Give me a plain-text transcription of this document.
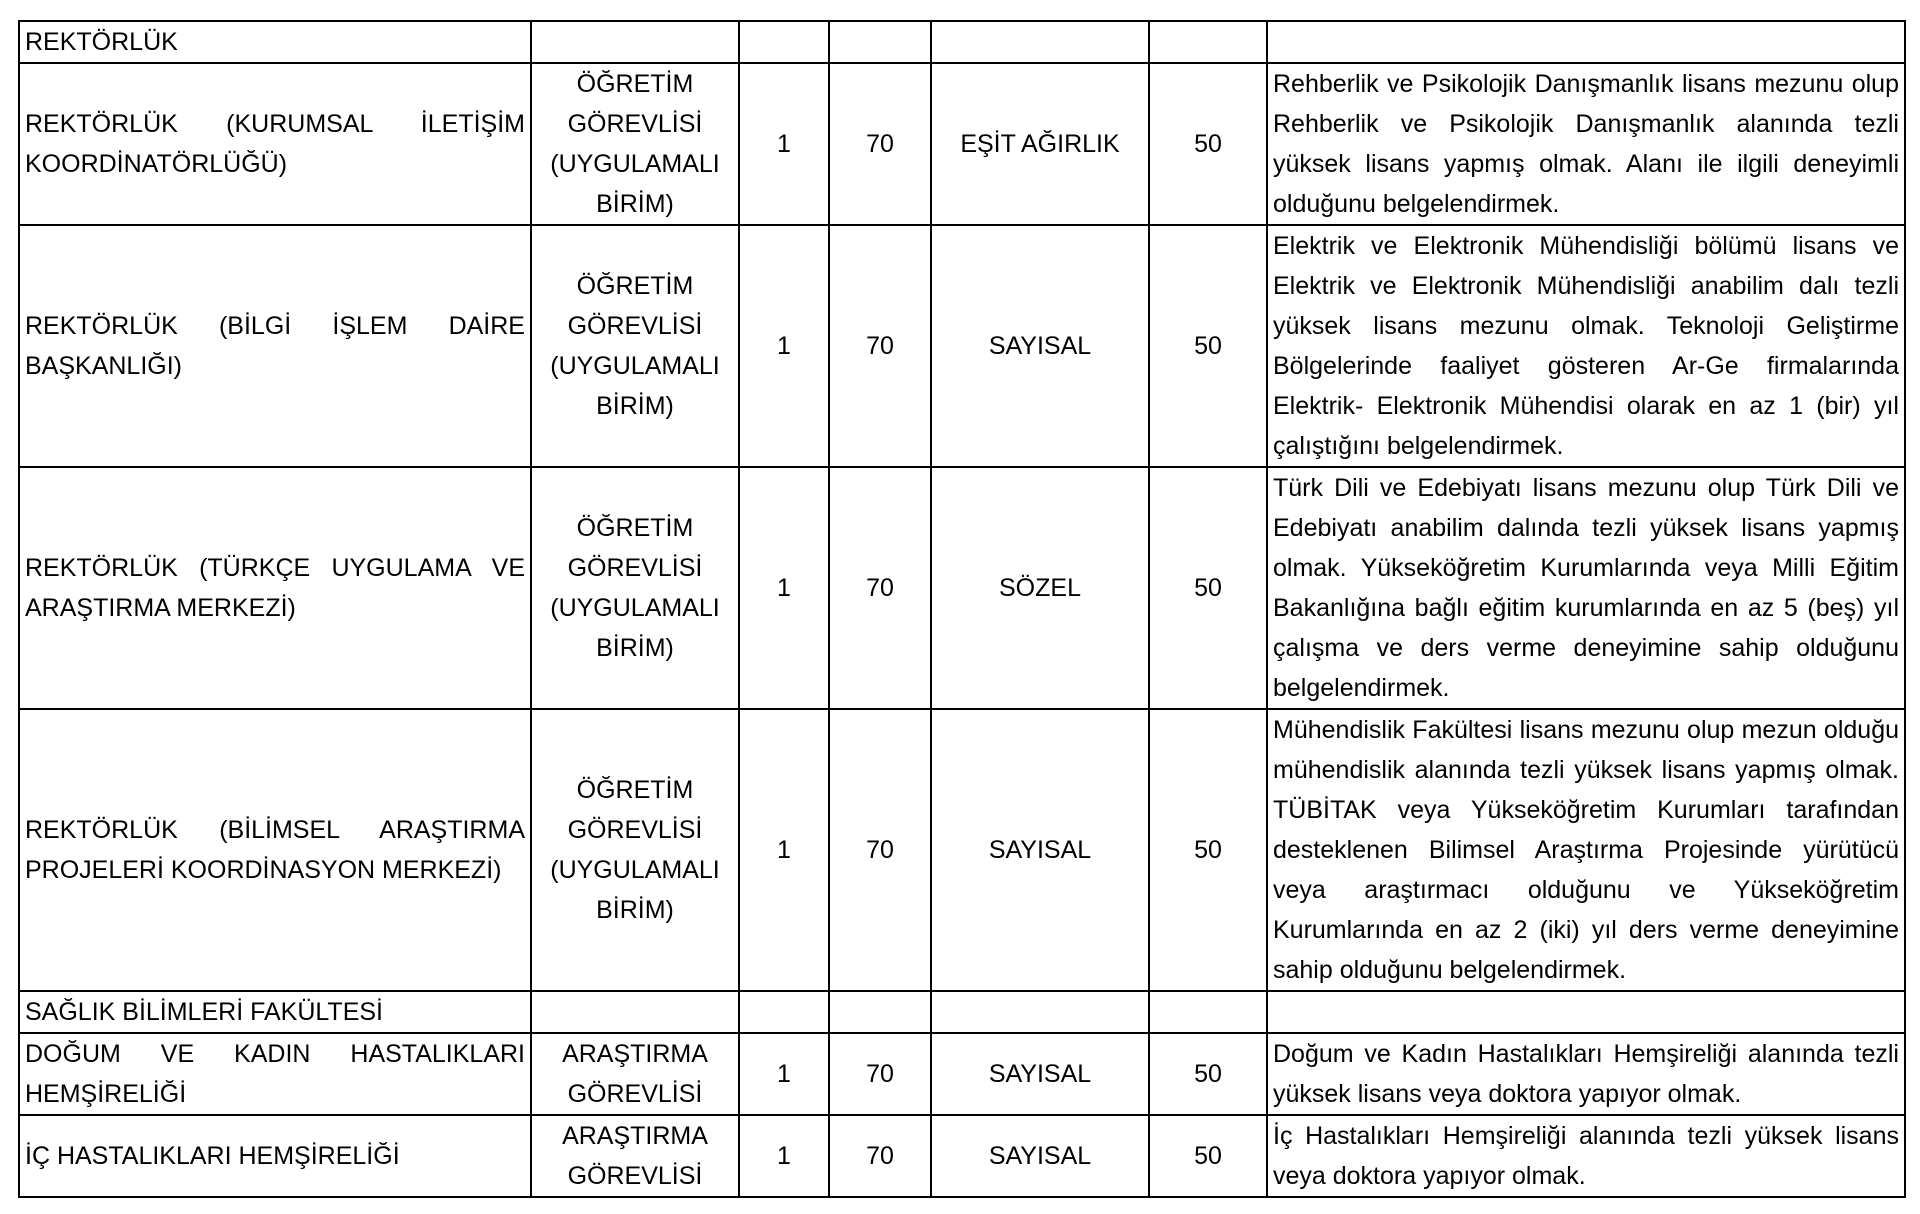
REKTÖRLÜK						
REKTÖRLÜK (KURUMSAL İLETİŞİM KOORDİNATÖRLÜĞÜ)	ÖĞRETİM GÖREVLİSİ (UYGULAMALI BİRİM)	1	70	EŞİT AĞIRLIK	50	Rehberlik ve Psikolojik Danışmanlık lisans mezunu olup Rehberlik ve Psikolojik Danışmanlık alanında tezli yüksek lisans yapmış olmak. Alanı ile ilgili deneyimli olduğunu belgelendirmek.
REKTÖRLÜK (BİLGİ İŞLEM DAİRE BAŞKANLIĞI)	ÖĞRETİM GÖREVLİSİ (UYGULAMALI BİRİM)	1	70	SAYISAL	50	Elektrik ve Elektronik Mühendisliği bölümü lisans ve Elektrik ve Elektronik Mühendisliği anabilim dalı tezli yüksek lisans mezunu olmak. Teknoloji Geliştirme Bölgelerinde faaliyet gösteren Ar-Ge firmalarında Elektrik- Elektronik Mühendisi olarak en az 1 (bir) yıl çalıştığını belgelendirmek.
REKTÖRLÜK (TÜRKÇE UYGULAMA VE ARAŞTIRMA MERKEZİ)	ÖĞRETİM GÖREVLİSİ (UYGULAMALI BİRİM)	1	70	SÖZEL	50	Türk Dili ve Edebiyatı lisans mezunu olup Türk Dili ve Edebiyatı anabilim dalında tezli yüksek lisans yapmış olmak. Yükseköğretim Kurumlarında veya Milli Eğitim Bakanlığına bağlı eğitim kurumlarında en az 5 (beş) yıl çalışma ve ders verme deneyimine sahip olduğunu belgelendirmek.
REKTÖRLÜK (BİLİMSEL ARAŞTIRMA PROJELERİ KOORDİNASYON MERKEZİ)	ÖĞRETİM GÖREVLİSİ (UYGULAMALI BİRİM)	1	70	SAYISAL	50	Mühendislik Fakültesi lisans mezunu olup mezun olduğu mühendislik alanında tezli yüksek lisans yapmış olmak. TÜBİTAK veya Yükseköğretim Kurumları tarafından desteklenen Bilimsel Araştırma Projesinde yürütücü veya araştırmacı olduğunu ve Yükseköğretim Kurumlarında en az 2 (iki) yıl ders verme deneyimine sahip olduğunu belgelendirmek.
SAĞLIK BİLİMLERİ FAKÜLTESİ						
DOĞUM VE KADIN HASTALIKLARI HEMŞİRELİĞİ	ARAŞTIRMA GÖREVLİSİ	1	70	SAYISAL	50	Doğum ve Kadın Hastalıkları Hemşireliği alanında tezli yüksek lisans veya doktora yapıyor olmak.
İÇ HASTALIKLARI HEMŞİRELİĞİ	ARAŞTIRMA GÖREVLİSİ	1	70	SAYISAL	50	İç Hastalıkları Hemşireliği alanında tezli yüksek lisans veya doktora yapıyor olmak.
